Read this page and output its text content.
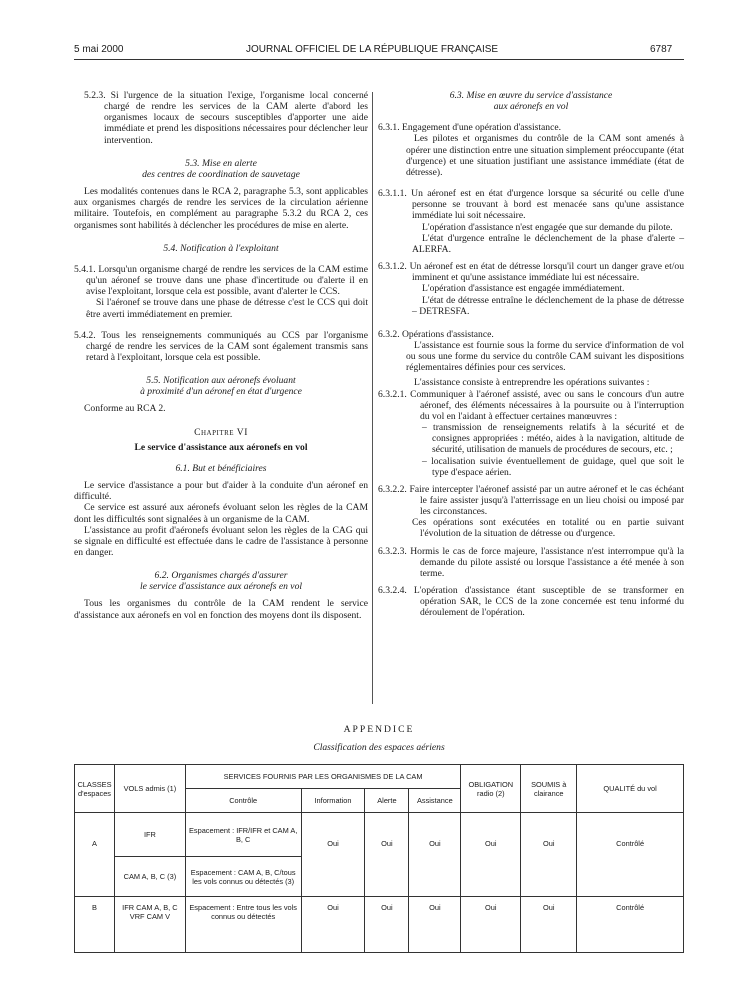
5 mai 2000	JOURNAL OFFICIEL DE LA RÉPUBLIQUE FRANÇAISE	6787

5.2.3. Si l'urgence de la situation l'exige, l'organisme local concerné chargé de rendre les services de la CAM alerte d'abord les organismes locaux de secours susceptibles d'apporter une aide immédiate et prend les dispositions nécessaires pour déclencher leur intervention.

5.3. Mise en alerte

des centres de coordination de sauvetage

Les modalités contenues dans le RCA 2, paragraphe 5.3, sont applicables aux organismes chargés de rendre les services de la circulation aérienne militaire. Toutefois, en complément au paragraphe 5.3.2 du RCA 2, ces organismes sont habilités à déclencher les procédures de mise en alerte.

5.4. Notification à l'exploitant

5.4.1. Lorsqu'un organisme chargé de rendre les services de la CAM estime qu'un aéronef se trouve dans une phase d'incertitude ou d'alerte il en avise l'exploitant, lorsque cela est possible, avant d'alerter le CCS.

Si l'aéronef se trouve dans une phase de détresse c'est le CCS qui doit être averti immédiatement en premier.

5.4.2. Tous les renseignements communiqués au CCS par l'organisme chargé de rendre les services de la CAM sont également transmis sans retard à l'exploitant, lorsque cela est possible.

5.5. Notification aux aéronefs évoluant

à proximité d'un aéronef en état d'urgence

Conforme au RCA 2.

Chapitre VI

Le service d'assistance aux aéronefs en vol

6.1. But et bénéficiaires

Le service d'assistance a pour but d'aider à la conduite d'un aéronef en difficulté.

Ce service est assuré aux aéronefs évoluant selon les règles de la CAM dont les difficultés sont signalées à un organisme de la CAM.

L'assistance au profit d'aéronefs évoluant selon les règles de la CAG qui se signale en difficulté est effectuée dans le cadre de l'assistance à personne en danger.

6.2. Organismes chargés d'assurer

le service d'assistance aux aéronefs en vol

Tous les organismes du contrôle de la CAM rendent le service d'assistance aux aéronefs en vol en fonction des moyens dont ils disposent.

6.3. Mise en œuvre du service d'assistance

aux aéronefs en vol

6.3.1. Engagement d'une opération d'assistance.

Les pilotes et organismes du contrôle de la CAM sont amenés à opérer une distinction entre une situation simplement préoccupante (état d'urgence) et une situation justifiant une assistance immédiate (état de détresse).

6.3.1.1. Un aéronef est en état d'urgence lorsque sa sécurité ou celle d'une personne se trouvant à bord est menacée sans qu'une assistance immédiate lui soit nécessaire.

L'opération d'assistance n'est engagée que sur demande du pilote.

L'état d'urgence entraîne le déclenchement de la phase d'alerte – ALERFA.

6.3.1.2. Un aéronef est en état de détresse lorsqu'il court un danger grave et/ou imminent et qu'une assistance immédiate lui est nécessaire.

L'opération d'assistance est engagée immédiatement.

L'état de détresse entraîne le déclenchement de la phase de détresse – DETRESFA.

6.3.2. Opérations d'assistance.

L'assistance est fournie sous la forme du service d'information de vol ou sous une forme du service du contrôle CAM suivant les dispositions réglementaires définies pour ces services.

L'assistance consiste à entreprendre les opérations suivantes :

6.3.2.1. Communiquer à l'aéronef assisté, avec ou sans le concours d'un autre aéronef, des éléments nécessaires à la poursuite ou à l'interruption du vol en l'aidant à effectuer certaines manœuvres :

– transmission de renseignements relatifs à la sécurité et de consignes appropriées : météo, aides à la navigation, altitude de sécurité, utilisation de manuels de procédures de secours, etc. ;

– localisation suivie éventuellement de guidage, quel que soit le type d'espace aérien.

6.3.2.2. Faire intercepter l'aéronef assisté par un autre aéronef et le cas échéant le faire assister jusqu'à l'atterrissage en un lieu choisi ou imposé par les circonstances.

Ces opérations sont exécutées en totalité ou en partie suivant l'évolution de la situation de détresse ou d'urgence.

6.3.2.3. Hormis le cas de force majeure, l'assistance n'est interrompue qu'à la demande du pilote assisté ou lorsque l'assistance a été menée à son terme.

6.3.2.4. L'opération d'assistance étant susceptible de se transformer en opération SAR, le CCS de la zone concernée est tenu informé du déroulement de l'opération.

APPENDICE
Classification des espaces aériens
CLASSES d'espaces	VOLS admis (1)	SERVICES FOURNIS PAR LES ORGANISMES DE LA CAM				OBLIGATION radio (2)	SOUMIS à clairance	QUALITÉ du vol
		Contrôle	Information	Alerte	Assistance			
A	IFR	Espacement : IFR/IFR et CAM A, B, C	Oui	Oui	Oui	Oui	Oui	Contrôlé
	CAM A, B, C (3)	Espacement : CAM A, B, C/tous les vols connus ou détectés (3)						
B	IFR CAM A, B, C VRF CAM V	Espacement : Entre tous les vols connus ou détectés	Oui	Oui	Oui	Oui	Oui	Contrôlé
